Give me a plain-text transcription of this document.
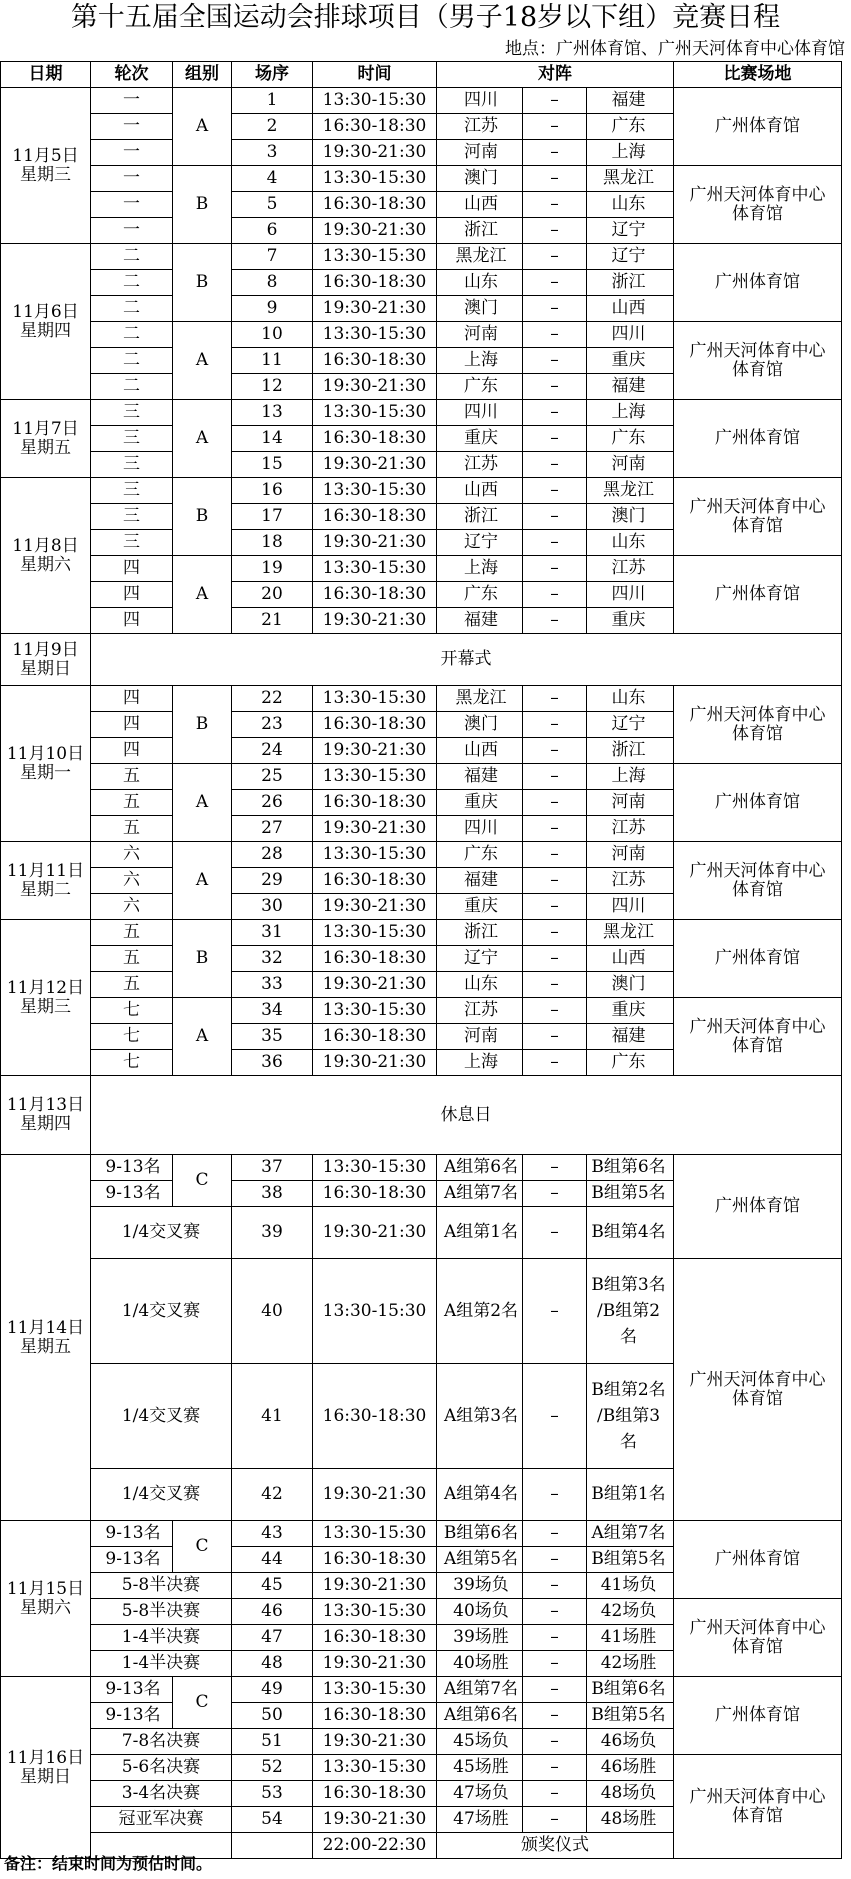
第十五届全国运动会排球项目（男子18岁以下组）竞赛日程
地点：广州体育馆、广州天河体育中心体育馆
日期	轮次	组别	场序	时间	对阵			比赛场地
11月5日
星期三	一	A	1	13:30-15:30	四川	–	福建	广州体育馆
	一		2	16:30-18:30	江苏	–	广东	
	一		3	19:30-21:30	河南	–	上海	
	一	B	4	13:30-15:30	澳门	–	黑龙江	广州天河体育中心
体育馆
	一		5	16:30-18:30	山西	–	山东	
	一		6	19:30-21:30	浙江	–	辽宁	
11月6日
星期四	二	B	7	13:30-15:30	黑龙江	–	辽宁	广州体育馆
	二		8	16:30-18:30	山东	–	浙江	
	二		9	19:30-21:30	澳门	–	山西	
	二	A	10	13:30-15:30	河南	–	四川	广州天河体育中心
体育馆
	二		11	16:30-18:30	上海	–	重庆	
	二		12	19:30-21:30	广东	–	福建	
11月7日
星期五	三	A	13	13:30-15:30	四川	–	上海	广州体育馆
	三		14	16:30-18:30	重庆	–	广东	
	三		15	19:30-21:30	江苏	–	河南	
11月8日
星期六	三	B	16	13:30-15:30	山西	–	黑龙江	广州天河体育中心
体育馆
	三		17	16:30-18:30	浙江	–	澳门	
	三		18	19:30-21:30	辽宁	–	山东	
	四	A	19	13:30-15:30	上海	–	江苏	广州体育馆
	四		20	16:30-18:30	广东	–	四川	
	四		21	19:30-21:30	福建	–	重庆	
11月9日
星期日	开幕式							
11月10日
星期一	四	B	22	13:30-15:30	黑龙江	–	山东	广州天河体育中心
体育馆
	四		23	16:30-18:30	澳门	–	辽宁	
	四		24	19:30-21:30	山西	–	浙江	
	五	A	25	13:30-15:30	福建	–	上海	广州体育馆
	五		26	16:30-18:30	重庆	–	河南	
	五		27	19:30-21:30	四川	–	江苏	
11月11日
星期二	六	A	28	13:30-15:30	广东	–	河南	广州天河体育中心
体育馆
	六		29	16:30-18:30	福建	–	江苏	
	六		30	19:30-21:30	重庆	–	四川	
11月12日
星期三	五	B	31	13:30-15:30	浙江	–	黑龙江	广州体育馆
	五		32	16:30-18:30	辽宁	–	山西	
	五		33	19:30-21:30	山东	–	澳门	
	七	A	34	13:30-15:30	江苏	–	重庆	广州天河体育中心
体育馆
	七		35	16:30-18:30	河南	–	福建	
	七		36	19:30-21:30	上海	–	广东	
11月13日
星期四	休息日							
11月14日
星期五	9-13名	C	37	13:30-15:30	A组第6名	–	B组第6名	广州体育馆
	9-13名		38	16:30-18:30	A组第7名	–	B组第5名	
	1/4交叉赛		39	19:30-21:30	A组第1名	–	B组第4名	
	1/4交叉赛		40	13:30-15:30	A组第2名	–	B组第3名
/B组第2
名	广州天河体育中心
体育馆
	1/4交叉赛		41	16:30-18:30	A组第3名	–	B组第2名
/B组第3
名	
	1/4交叉赛		42	19:30-21:30	A组第4名	–	B组第1名	
11月15日
星期六	9-13名	C	43	13:30-15:30	B组第6名	–	A组第7名	广州体育馆
	9-13名		44	16:30-18:30	A组第5名	–	B组第5名	
	5-8半决赛		45	19:30-21:30	39场负	–	41场负	
	5-8半决赛		46	13:30-15:30	40场负	–	42场负	广州天河体育中心
体育馆
	1-4半决赛		47	16:30-18:30	39场胜	–	41场胜	
	1-4半决赛		48	19:30-21:30	40场胜	–	42场胜	
11月16日
星期日	9-13名	C	49	13:30-15:30	A组第7名	–	B组第6名	广州体育馆
	9-13名		50	16:30-18:30	A组第6名	–	B组第5名	
	7-8名决赛		51	19:30-21:30	45场负	–	46场负	
	5-6名决赛		52	13:30-15:30	45场胜	–	46场胜	广州天河体育中心
体育馆
	3-4名决赛		53	16:30-18:30	47场负	–	48场负	
	冠亚军决赛		54	19:30-21:30	47场胜	–	48场胜	
				22:00-22:30	颁奖仪式			
备注：结束时间为预估时间。
